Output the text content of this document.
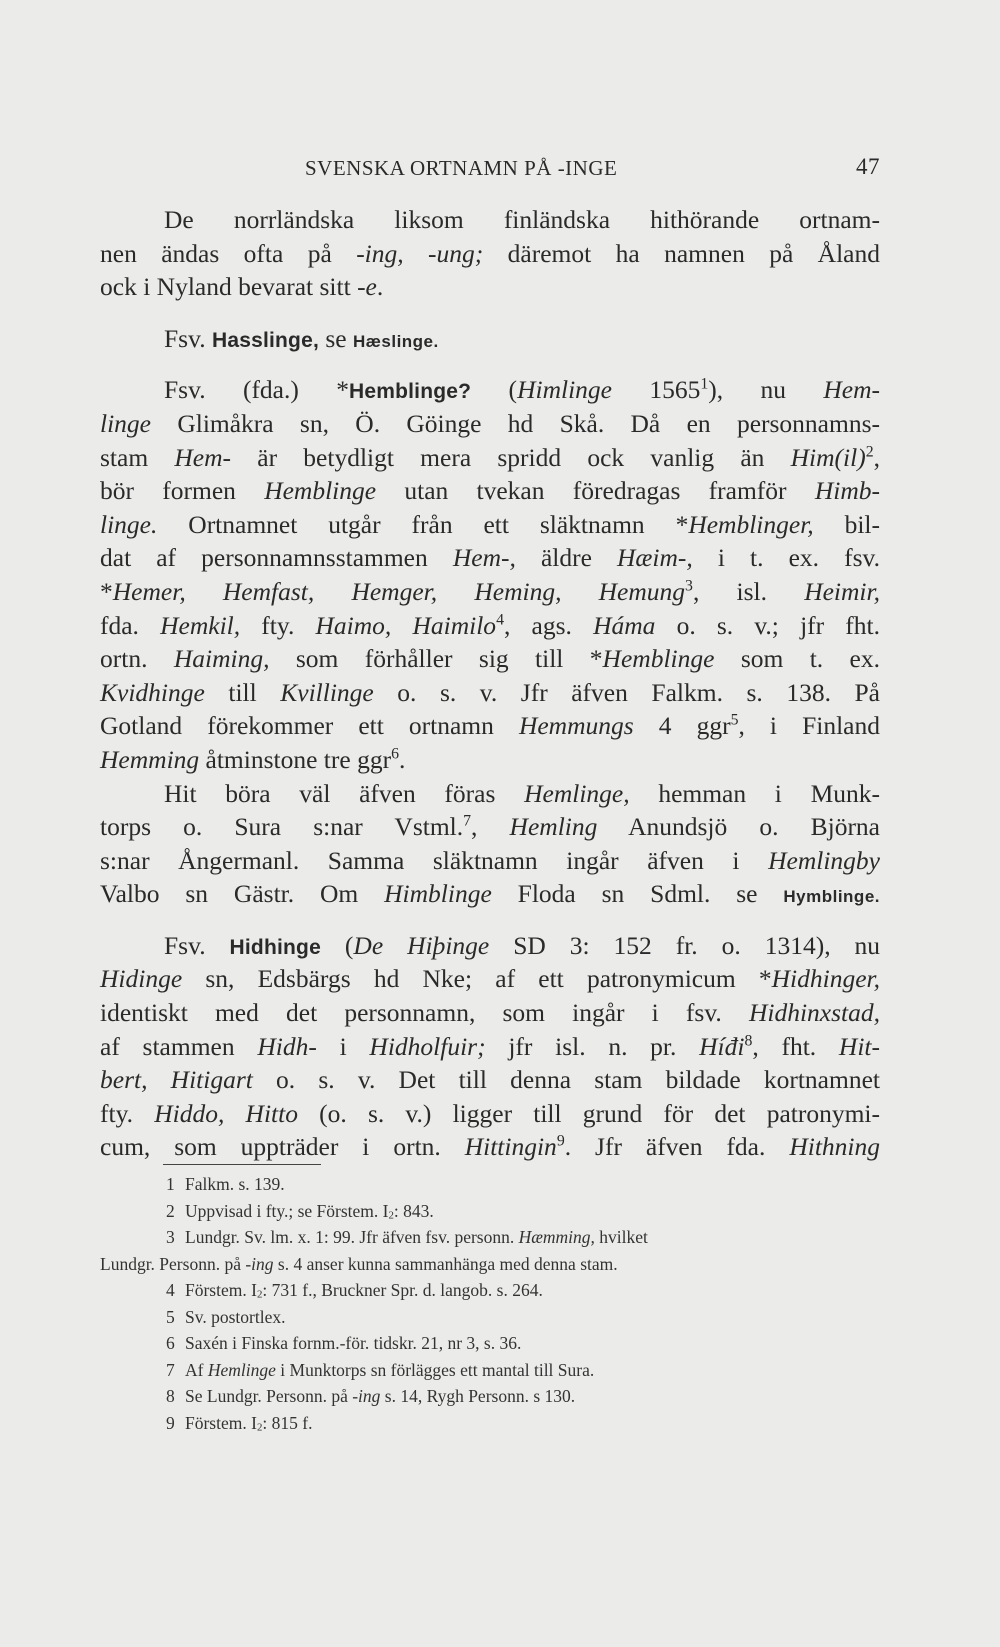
SVENSKA ORTNAMN PÅ -INGE	47
De norrländska liksom finländska hithörande ortnam-
nen ändas ofta på -ing, -ung; däremot ha namnen på Åland
ock i Nyland bevarat sitt -e.
Fsv. Hasslinge, se Hæslinge.
Fsv. (fda.) *Hemblinge? (Himlinge 1565$^1$), nu Hem-
linge Glimåkra sn, Ö. Göinge hd Skå. Då en personnamns-
stam Hem- är betydligt mera spridd ock vanlig än Him(il)$^2$,
bör formen Hemblinge utan tvekan föredragas framför Himb-
linge. Ortnamnet utgår från ett släktnamn *Hemblinger, bil-
dat af personnamnsstammen Hem-, äldre Hæim-, i t. ex. fsv.
*Hemer, Hemfast, Hemger, Heming, Hemung$^3$, isl. Heimir,
fda. Hemkil, fty. Haimo, Haimilo$^4$, ags. Háma o. s. v.; jfr fht.
ortn. Haiming, som förhåller sig till *Hemblinge som t. ex.
Kvidhinge till Kvillinge o. s. v. Jfr äfven Falkm. s. 138. På
Gotland förekommer ett ortnamn Hemmungs 4 ggr$^5$, i Finland
Hemming åtminstone tre ggr$^6$.
Hit böra väl äfven föras Hemlinge, hemman i Munk-
torps o. Sura s:nar Vstml.$^7$, Hemling Anundsjö o. Björna
s:nar Ångermanl. Samma släktnamn ingår äfven i Hemlingby
Valbo sn Gästr. Om Himblinge Floda sn Sdml. se Hymblinge.
Fsv. Hidhinge (De Hiþinge SD 3: 152 fr. o. 1314), nu
Hidinge sn, Edsbärgs hd Nke; af ett patronymicum *Hidhinger,
identiskt med det personnamn, som ingår i fsv. Hidhinxstad,
af stammen Hidh- i Hidholfuir; jfr isl. n. pr. Híđi$^8$, fht. Hit-
bert, Hitigart o. s. v. Det till denna stam bildade kortnamnet
fty. Hiddo, Hitto (o. s. v.) ligger till grund för det patronymi-
cum, som uppträder i ortn. Hittingin$^9$. Jfr äfven fda. Hithning
1 Falkm. s. 139.
2 Uppvisad i fty.; se Förstem. $I_2$: 843.
3 Lundgr. Sv. lm. x. 1: 99. Jfr äfven fsv. personn. Hæmming, hvilket
Lundgr. Personn. på -ing s. 4 anser kunna sammanhänga med denna stam.
4 Förstem. $I_2$: 731 f., Bruckner Spr. d. langob. s. 264.
5 Sv. postortlex.
6 Saxén i Finska fornm.-för. tidskr. 21, nr 3, s. 36.
7 Af Hemlinge i Munktorps sn förlägges ett mantal till Sura.
8 Se Lundgr. Personn. på -ing s. 14, Rygh Personn. s 130.
9 Förstem. $I_2$: 815 f.
